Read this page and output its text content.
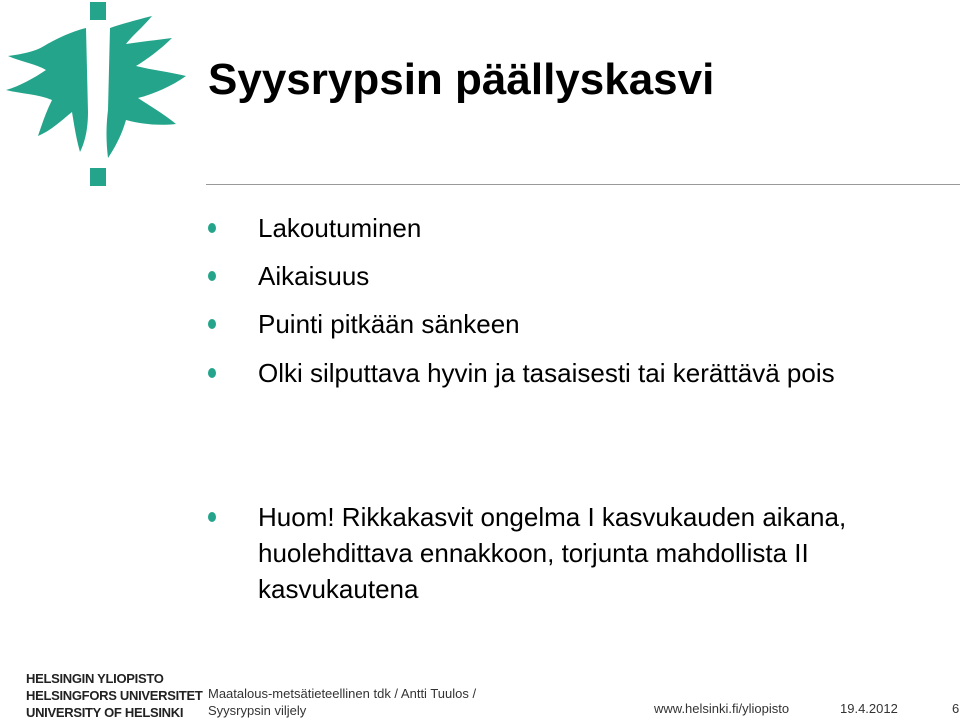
Syysrypsin päällyskasvi
Lakoutuminen
Aikaisuus
Puinti pitkään sänkeen
Olki silputtava hyvin ja tasaisesti tai kerättävä pois
Huom! Rikkakasvit ongelma I kasvukauden aikana, huolehdittava ennakkoon, torjunta mahdollista II kasvukautena
HELSINGIN YLIOPISTO
HELSINGFORS UNIVERSITET
UNIVERSITY OF HELSINKI
Maatalous-metsätieteellinen tdk / Antti Tuulos /
Syysrypsin viljely	www.helsinki.fi/yliopisto	19.4.2012	6
